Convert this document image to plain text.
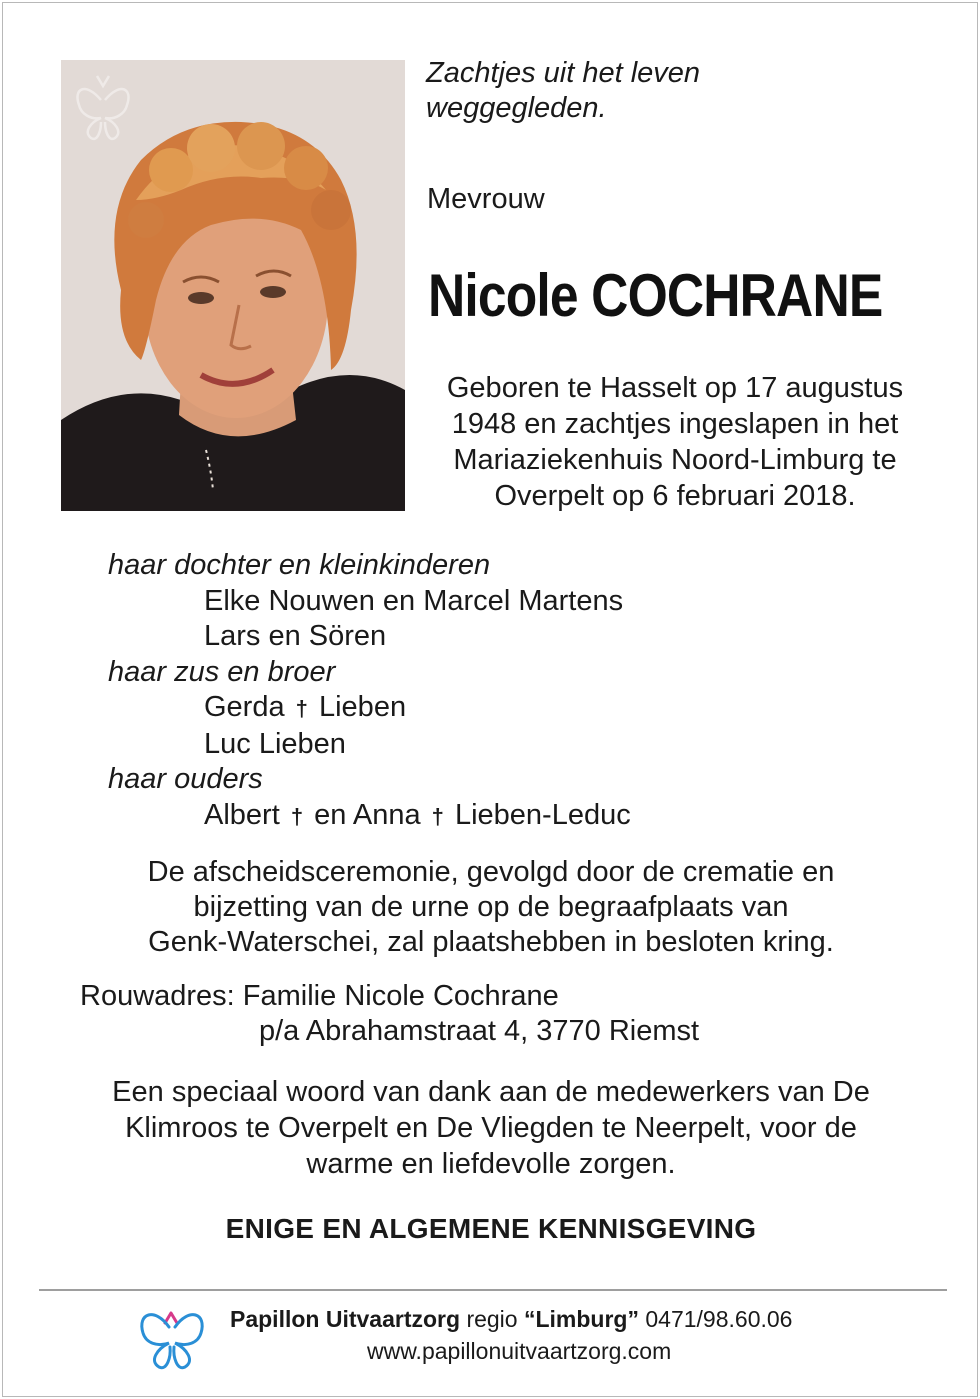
Zachtjes uit het leven
weggegleden.
Mevrouw
Nicole COCHRANE
Geboren te Hasselt op 17 augustus
1948 en zachtjes ingeslapen in het
Mariaziekenhuis Noord-Limburg te
Overpelt op 6 februari 2018.
haar dochter en kleinkinderen
Elke Nouwen en Marcel Martens
Lars en Sören
haar zus en broer
Gerda † Lieben
Luc Lieben
haar ouders
Albert † en Anna † Lieben-Leduc
De afscheidsceremonie, gevolgd door de crematie en
bijzetting van de urne op de begraafplaats van
Genk-Waterschei, zal plaatshebben in besloten kring.
Rouwadres: Familie Nicole Cochrane
p/a Abrahamstraat 4, 3770 Riemst
Een speciaal woord van dank aan de medewerkers van De
Klimroos te Overpelt en De Vliegden te Neerpelt, voor de
warme en liefdevolle zorgen.
ENIGE EN ALGEMENE KENNISGEVING
Papillon Uitvaartzorg regio “Limburg” 0471/98.60.06
www.papillonuitvaartzorg.com
